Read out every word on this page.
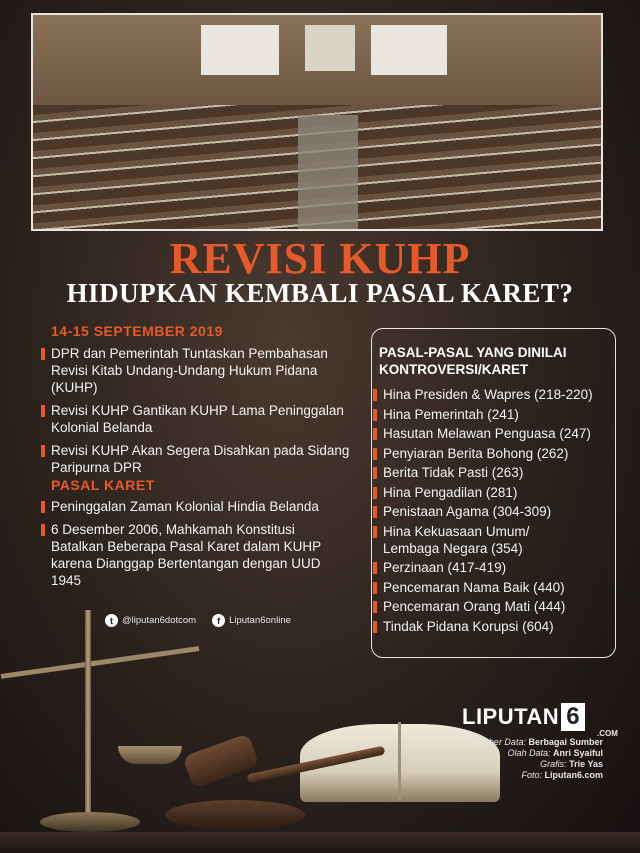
REVISI KUHP
HIDUPKAN KEMBALI PASAL KARET?
14-15 SEPTEMBER 2019
DPR dan Pemerintah Tuntaskan Pembahasan Revisi Kitab Undang-Undang Hukum Pidana (KUHP)
Revisi KUHP Gantikan KUHP Lama Peninggalan Kolonial Belanda
Revisi KUHP Akan Segera Disahkan pada Sidang Paripurna DPR
PASAL KARET
Peninggalan Zaman Kolonial Hindia Belanda
6 Desember 2006, Mahkamah Konstitusi Batalkan Beberapa Pasal Karet dalam KUHP karena Dianggap Bertentangan dengan UUD 1945
PASAL-PASAL YANG DINILAI KONTROVERSI/KARET
Hina Presiden & Wapres (218-220)
Hina Pemerintah (241)
Hasutan Melawan Penguasa (247)
Penyiaran Berita Bohong (262)
Berita Tidak Pasti (263)
Hina Pengadilan (281)
Penistaan Agama (304-309)
Hina Kekuasaan Umum/ Lembaga Negara (354)
Perzinaan (417-419)
Pencemaran Nama Baik (440)
Pencemaran Orang Mati (444)
Tindak Pidana Korupsi (604)
t @liputan6dotcom	f Liputan6online
LIPUTAN 6
.COM
Sumber Data: Berbagai Sumber
Olah Data: Anri Syaiful
Grafis: Trie Yas
Foto: Liputan6.com
